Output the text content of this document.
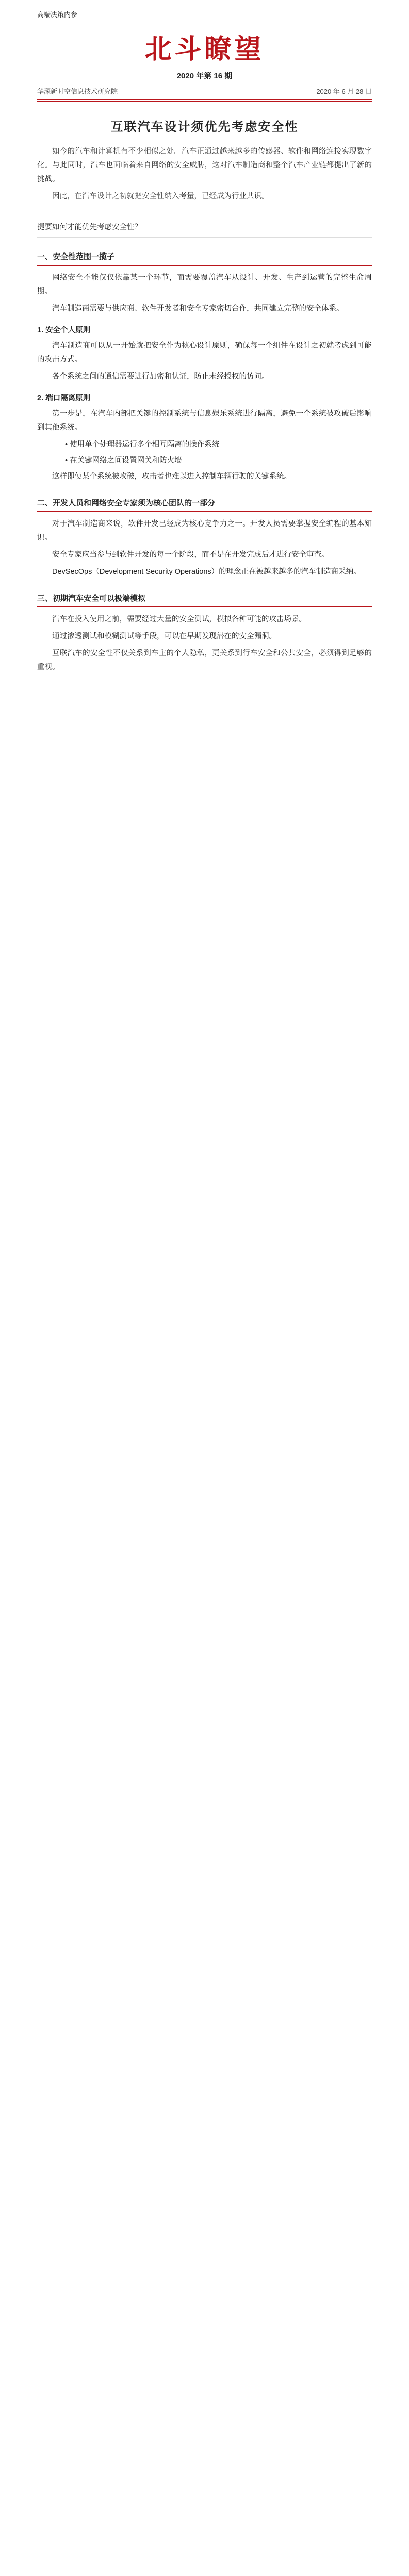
高端决策内参
北斗瞭望
2020 年第 16 期
华深新时空信息技术研究院	2020 年 6 月 28 日
互联汽车设计须优先考虑安全性

如今的汽车和计算机有不少相似之处。汽车正通过越来越多的传感器、软件和网络连接实现数字化。与此同时，汽车也面临着来自网络的安全威胁，这对汽车制造商和整个汽车产业链都提出了新的挑战。

因此，在汽车设计之初就把安全性纳入考量，已经成为行业共识。

提要如何才能优先考虑安全性？
一、安全性范围一揽子

网络安全不能仅仅依靠某一个环节，而需要覆盖汽车从设计、开发、生产到运营的完整生命周期。

汽车制造商需要与供应商、软件开发者和安全专家密切合作，共同建立完整的安全体系。

1. 安全个人原则

汽车制造商可以从一开始就把安全作为核心设计原则，确保每一个组件在设计之初就考虑到可能的攻击方式。

各个系统之间的通信需要进行加密和认证，防止未经授权的访问。

2. 端口隔离原则

第一步是，在汽车内部把关键的控制系统与信息娱乐系统进行隔离，避免一个系统被攻破后影响到其他系统。

• 使用单个处理器运行多个相互隔离的操作系统
• 在关键网络之间设置网关和防火墙

这样即使某个系统被攻破，攻击者也难以进入控制车辆行驶的关键系统。

二、开发人员和网络安全专家须为核心团队的一部分

对于汽车制造商来说，软件开发已经成为核心竞争力之一。开发人员需要掌握安全编程的基本知识。

安全专家应当参与到软件开发的每一个阶段，而不是在开发完成后才进行安全审查。

DevSecOps（Development Security Operations）的理念正在被越来越多的汽车制造商采纳。

三、初期汽车安全可以极端模拟

汽车在投入使用之前，需要经过大量的安全测试，模拟各种可能的攻击场景。

通过渗透测试和模糊测试等手段，可以在早期发现潜在的安全漏洞。

互联汽车的安全性不仅关系到车主的个人隐私，更关系到行车安全和公共安全，必须得到足够的重视。
